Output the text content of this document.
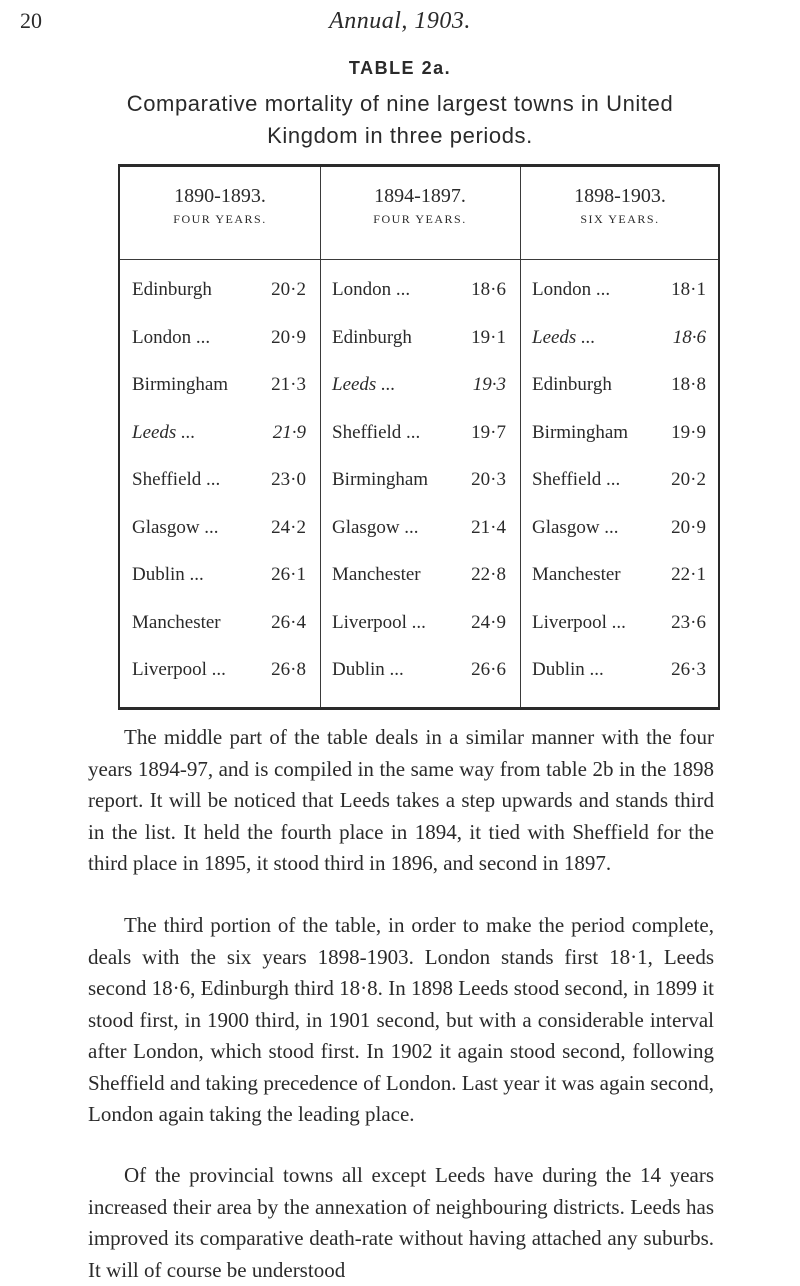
20	Annual, 1903.
TABLE 2a.
Comparative mortality of nine largest towns in United Kingdom in three periods.
1890-1893.
FOUR YEARS.
Edinburgh	20·2
London ...	20·9
Birmingham	21·3
Leeds ...	21·9
Sheffield ...	23·0
Glasgow ...	24·2
Dublin ...	26·1
Manchester	26·4
Liverpool ...	26·8
1894-1897.
FOUR YEARS.
London ...	18·6
Edinburgh	19·1
Leeds ...	19·3
Sheffield ...	19·7
Birmingham	20·3
Glasgow ...	21·4
Manchester	22·8
Liverpool ...	24·9
Dublin ...	26·6
1898-1903.
SIX YEARS.
London ...	18·1
Leeds ...	18·6
Edinburgh	18·8
Birmingham	19·9
Sheffield ...	20·2
Glasgow ...	20·9
Manchester	22·1
Liverpool ...	23·6
Dublin ...	26·3

The middle part of the table deals in a similar manner with the four years 1894-97, and is compiled in the same way from table 2b in the 1898 report. It will be noticed that Leeds takes a step upwards and stands third in the list. It held the fourth place in 1894, it tied with Sheffield for the third place in 1895, it stood third in 1896, and second in 1897.

The third portion of the table, in order to make the period complete, deals with the six years 1898-1903. London stands first 18·1, Leeds second 18·6, Edinburgh third 18·8. In 1898 Leeds stood second, in 1899 it stood first, in 1900 third, in 1901 second, but with a considerable interval after London, which stood first. In 1902 it again stood second, following Sheffield and taking precedence of London. Last year it was again second, London again taking the leading place.

Of the provincial towns all except Leeds have during the 14 years increased their area by the annexation of neighbouring districts. Leeds has improved its comparative death-rate without having attached any suburbs. It will of course be understood
